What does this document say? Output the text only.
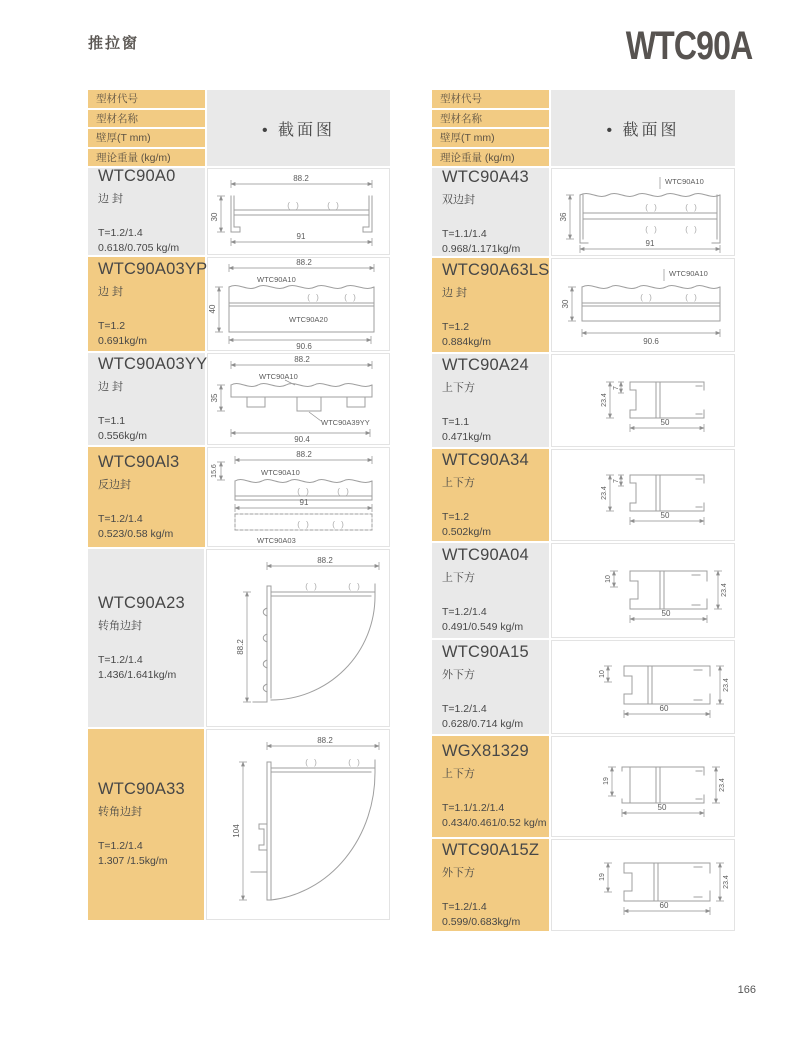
推拉窗	WTC90A
型材代号
型材名称
壁厚(T mm)
理论重量 (kg/m)
• 截面图
WTC90A0
边 封
T=1.2/1.4
0.618/0.705 kg/m
88.2
( )	( )
30
91
WTC90A03YP
边 封
T=1.2
0.691kg/m
88.2
WTC90A10
( )	( )
WTC90A20
40
90.6
WTC90A03YY
边 封
T=1.1
0.556kg/m
88.2
WTC90A10
35
WTC90A39YY
90.4
WTC90Al3
反边封
T=1.2/1.4
0.523/0.58 kg/m
15.6
88.2
WTC90A10
( )	( )
91
( )	( )
WTC90A03
WTC90A23
转角边封
T=1.2/1.4
1.436/1.641kg/m
88.2
( )	( )
88.2
WTC90A33
转角边封
T=1.2/1.4
1.307 /1.5kg/m
88.2
( )	( )
104
型材代号
型材名称
壁厚(T mm)
理论重量 (kg/m)
• 截面图
WTC90A43
双边封
T=1.1/1.4
0.968/1.171kg/m
WTC90A10
( )	( )
( )	( )
36
91
WTC90A63LS
边 封
T=1.2
0.884kg/m
WTC90A10
( )	( )
30
90.6
WTC90A24
上下方
T=1.1
0.471kg/m
23.4
7
50
WTC90A34
上下方
T=1.2
0.502kg/m
23.4
7
50
WTC90A04
上下方
T=1.2/1.4
0.491/0.549 kg/m
10
23.4
50
WTC90A15
外下方
T=1.2/1.4
0.628/0.714 kg/m
10
23.4
60
WGX81329
上下方
T=1.1/1.2/1.4
0.434/0.461/0.52 kg/m
19	23.4
50
WTC90A15Z
外下方
T=1.2/1.4
0.599/0.683kg/m
19	23.4
60
166
